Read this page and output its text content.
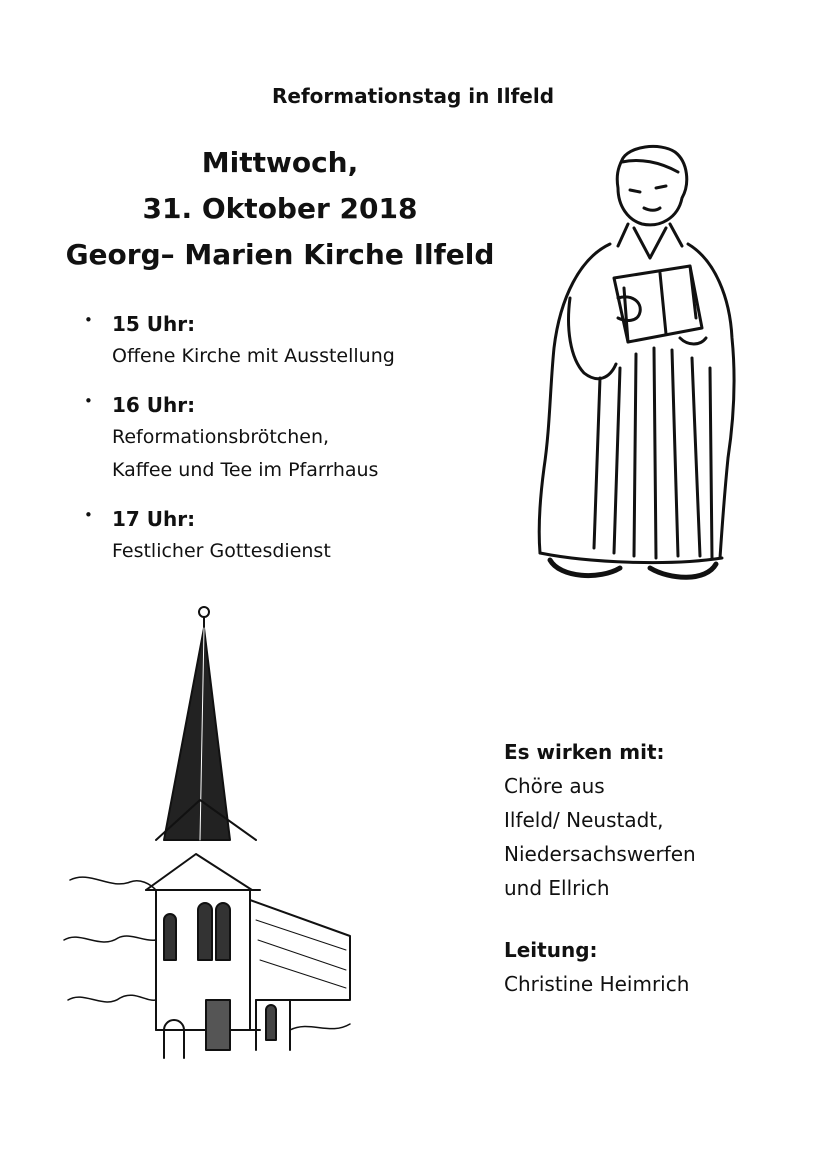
Reformationstag in Ilfeld
Mittwoch,
31. Oktober 2018
Georg– Marien Kirche Ilfeld
• 15 Uhr:
Offene Kirche mit Ausstellung
• 16 Uhr:
Reformationsbrötchen,
Kaffee und Tee im Pfarrhaus
• 17 Uhr:
Festlicher Gottesdienst
Es wirken mit:
Chöre aus
Ilfeld/ Neustadt,
Niedersachswerfen
und Ellrich
Leitung:
Christine Heimrich
